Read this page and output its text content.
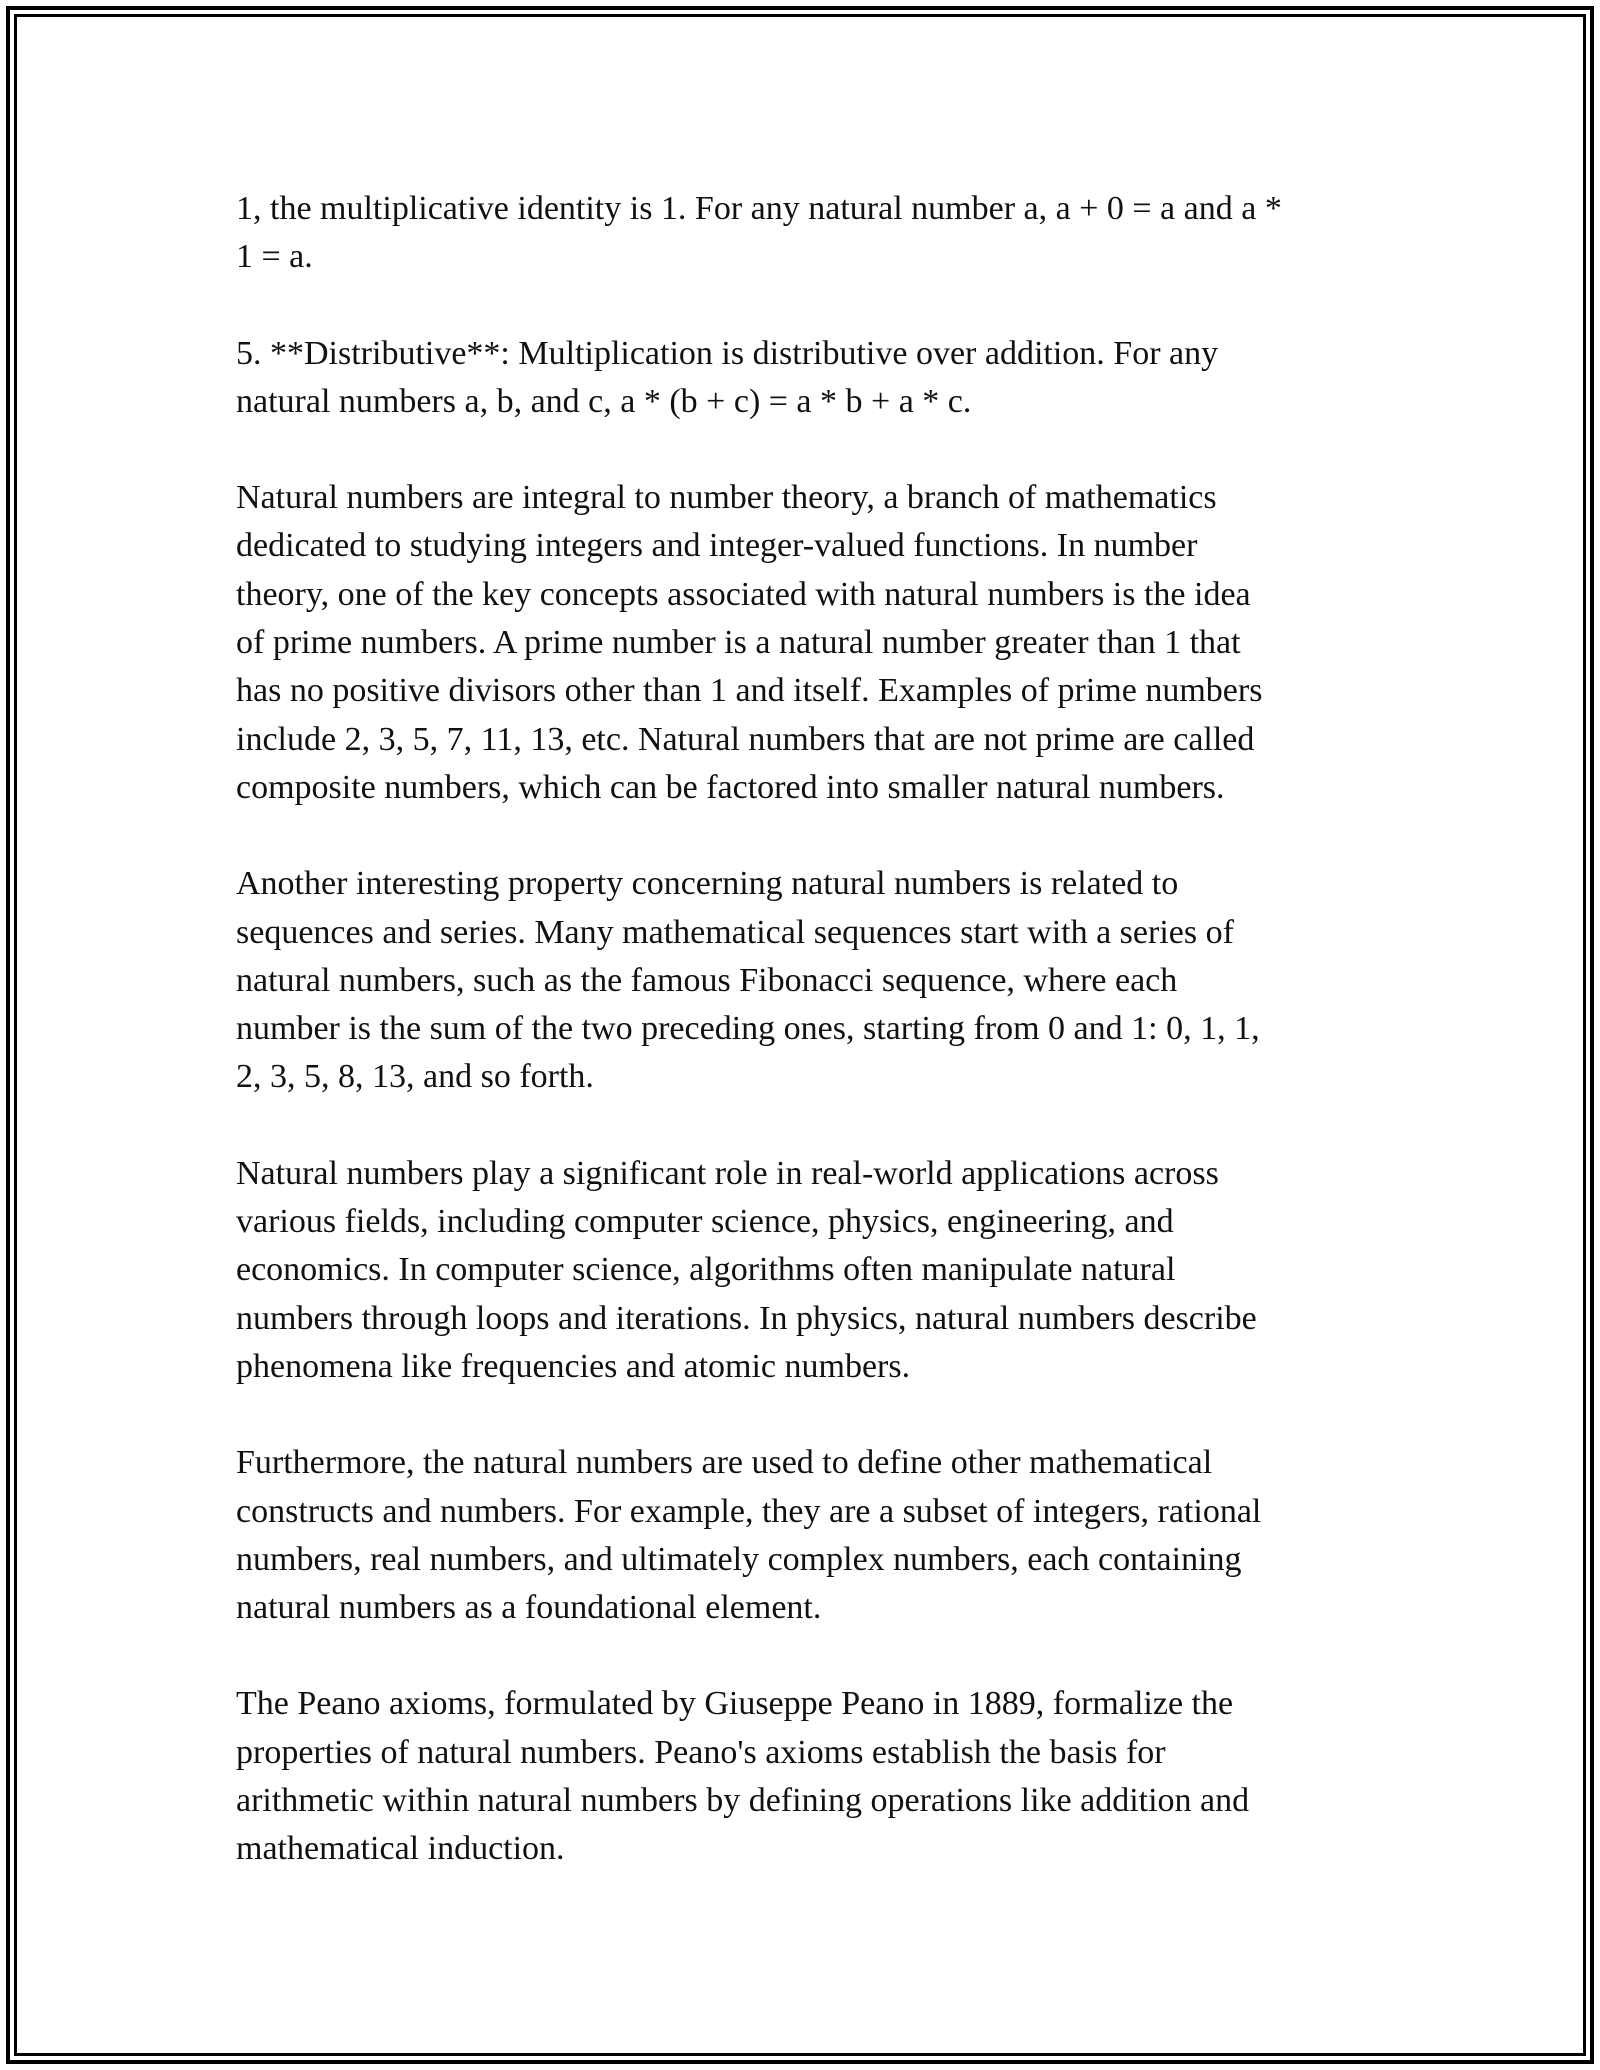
1, the multiplicative identity is 1. For any natural number a, a + 0 = a and a *
1 = a.

5. **Distributive**: Multiplication is distributive over addition. For any
natural numbers a, b, and c, a * (b + c) = a * b + a * c.

Natural numbers are integral to number theory, a branch of mathematics
dedicated to studying integers and integer-valued functions. In number
theory, one of the key concepts associated with natural numbers is the idea
of prime numbers. A prime number is a natural number greater than 1 that
has no positive divisors other than 1 and itself. Examples of prime numbers
include 2, 3, 5, 7, 11, 13, etc. Natural numbers that are not prime are called
composite numbers, which can be factored into smaller natural numbers.

Another interesting property concerning natural numbers is related to
sequences and series. Many mathematical sequences start with a series of
natural numbers, such as the famous Fibonacci sequence, where each
number is the sum of the two preceding ones, starting from 0 and 1: 0, 1, 1,
2, 3, 5, 8, 13, and so forth.

Natural numbers play a significant role in real-world applications across
various fields, including computer science, physics, engineering, and
economics. In computer science, algorithms often manipulate natural
numbers through loops and iterations. In physics, natural numbers describe
phenomena like frequencies and atomic numbers.

Furthermore, the natural numbers are used to define other mathematical
constructs and numbers. For example, they are a subset of integers, rational
numbers, real numbers, and ultimately complex numbers, each containing
natural numbers as a foundational element.

The Peano axioms, formulated by Giuseppe Peano in 1889, formalize the
properties of natural numbers. Peano's axioms establish the basis for
arithmetic within natural numbers by defining operations like addition and
mathematical induction.
